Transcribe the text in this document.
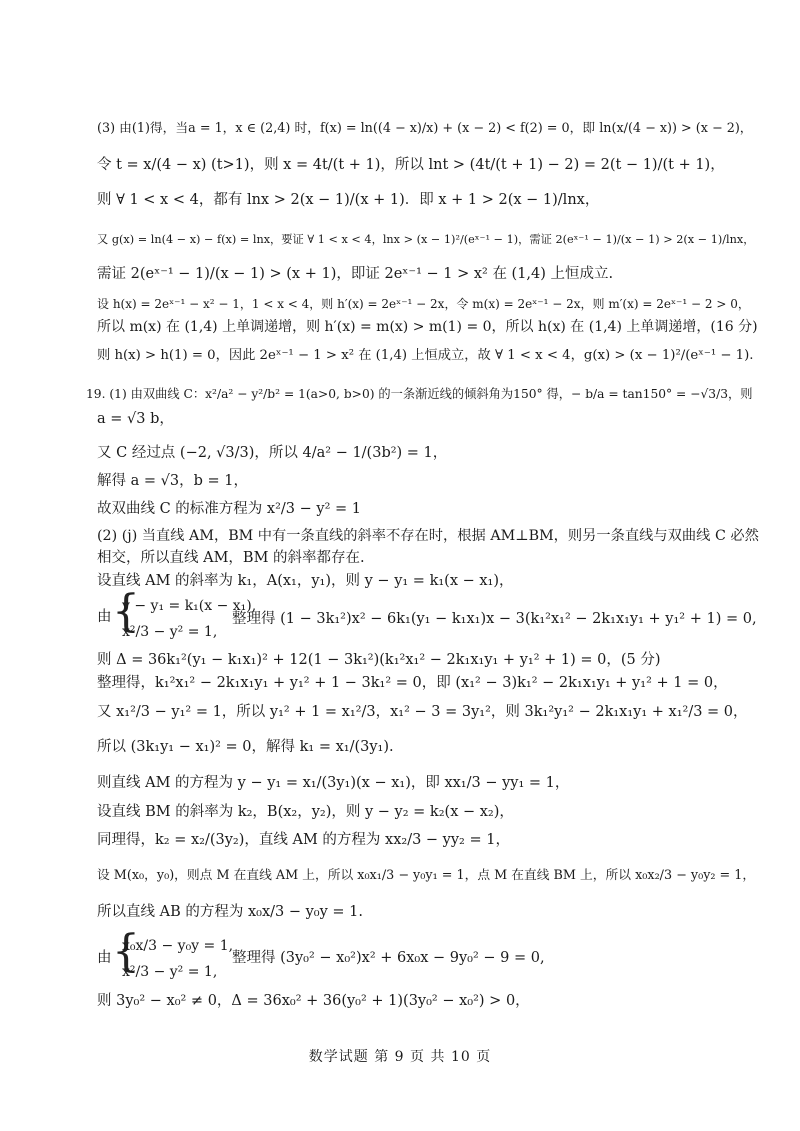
(3) 由(1)得，当a = 1，x ∈ (2,4) 时，f(x) = ln((4 − x)/x) + (x − 2) < f(2) = 0，即 ln(x/(4 − x)) > (x − 2)，
令 t = x/(4 − x) (t>1)，则 x = 4t/(t + 1)，所以 lnt > (4t/(t + 1) − 2) = 2(t − 1)/(t + 1)，
则 ∀ 1 < x < 4，都有 lnx > 2(x − 1)/(x + 1)．即 x + 1 > 2(x − 1)/lnx，
又 g(x) = ln(4 − x) − f(x) = lnx，要证 ∀ 1 < x < 4，lnx > (x − 1)²/(eˣ⁻¹ − 1)，需证 2(eˣ⁻¹ − 1)/(x − 1) > 2(x − 1)/lnx，
需证 2(eˣ⁻¹ − 1)/(x − 1) > (x + 1)，即证 2eˣ⁻¹ − 1 > x² 在 (1,4) 上恒成立.
设 h(x) = 2eˣ⁻¹ − x² − 1，1 < x < 4，则 h′(x) = 2eˣ⁻¹ − 2x，令 m(x) = 2eˣ⁻¹ − 2x，则 m′(x) = 2eˣ⁻¹ − 2 > 0，
所以 m(x) 在 (1,4) 上单调递增，则 h′(x) = m(x) > m(1) = 0，所以 h(x) 在 (1,4) 上单调递增，(16 分)
则 h(x) > h(1) = 0，因此 2eˣ⁻¹ − 1 > x² 在 (1,4) 上恒成立，故 ∀ 1 < x < 4，g(x) > (x − 1)²/(eˣ⁻¹ − 1).
19. (1) 由双曲线 C：x²/a² − y²/b² = 1(a>0, b>0) 的一条渐近线的倾斜角为150° 得，− b/a = tan150° = −√3/3，则
a = √3 b，
又 C 经过点 (−2, √3/3)，所以 4/a² − 1/(3b²) = 1，
解得 a = √3，b = 1，
故双曲线 C 的标准方程为 x²/3 − y² = 1
(2) (j) 当直线 AM，BM 中有一条直线的斜率不存在时，根据 AM⊥BM，则另一条直线与双曲线 C 必然
相交，所以直线 AM，BM 的斜率都存在.
设直线 AM 的斜率为 k₁，A(x₁，y₁)，则 y − y₁ = k₁(x − x₁)，
由 {
y − y₁ = k₁(x − x₁),
x²/3 − y² = 1,
整理得 (1 − 3k₁²)x² − 6k₁(y₁ − k₁x₁)x − 3(k₁²x₁² − 2k₁x₁y₁ + y₁² + 1) = 0,
则 Δ = 36k₁²(y₁ − k₁x₁)² + 12(1 − 3k₁²)(k₁²x₁² − 2k₁x₁y₁ + y₁² + 1) = 0，(5 分)
整理得，k₁²x₁² − 2k₁x₁y₁ + y₁² + 1 − 3k₁² = 0，即 (x₁² − 3)k₁² − 2k₁x₁y₁ + y₁² + 1 = 0，
又 x₁²/3 − y₁² = 1，所以 y₁² + 1 = x₁²/3，x₁² − 3 = 3y₁²，则 3k₁²y₁² − 2k₁x₁y₁ + x₁²/3 = 0，
所以 (3k₁y₁ − x₁)² = 0，解得 k₁ = x₁/(3y₁).
则直线 AM 的方程为 y − y₁ = x₁/(3y₁)(x − x₁)，即 xx₁/3 − yy₁ = 1，
设直线 BM 的斜率为 k₂，B(x₂，y₂)，则 y − y₂ = k₂(x − x₂)，
同理得，k₂ = x₂/(3y₂)，直线 AM 的方程为 xx₂/3 − yy₂ = 1，
设 M(x₀，y₀)，则点 M 在直线 AM 上，所以 x₀x₁/3 − y₀y₁ = 1，点 M 在直线 BM 上，所以 x₀x₂/3 − y₀y₂ = 1，
所以直线 AB 的方程为 x₀x/3 − y₀y = 1.
由 {
x₀x/3 − y₀y = 1,
x²/3 − y² = 1,
整理得 (3y₀² − x₀²)x² + 6x₀x − 9y₀² − 9 = 0,
则 3y₀² − x₀² ≠ 0，Δ = 36x₀² + 36(y₀² + 1)(3y₀² − x₀²) > 0，
数学试题 第 9 页 共 10 页
